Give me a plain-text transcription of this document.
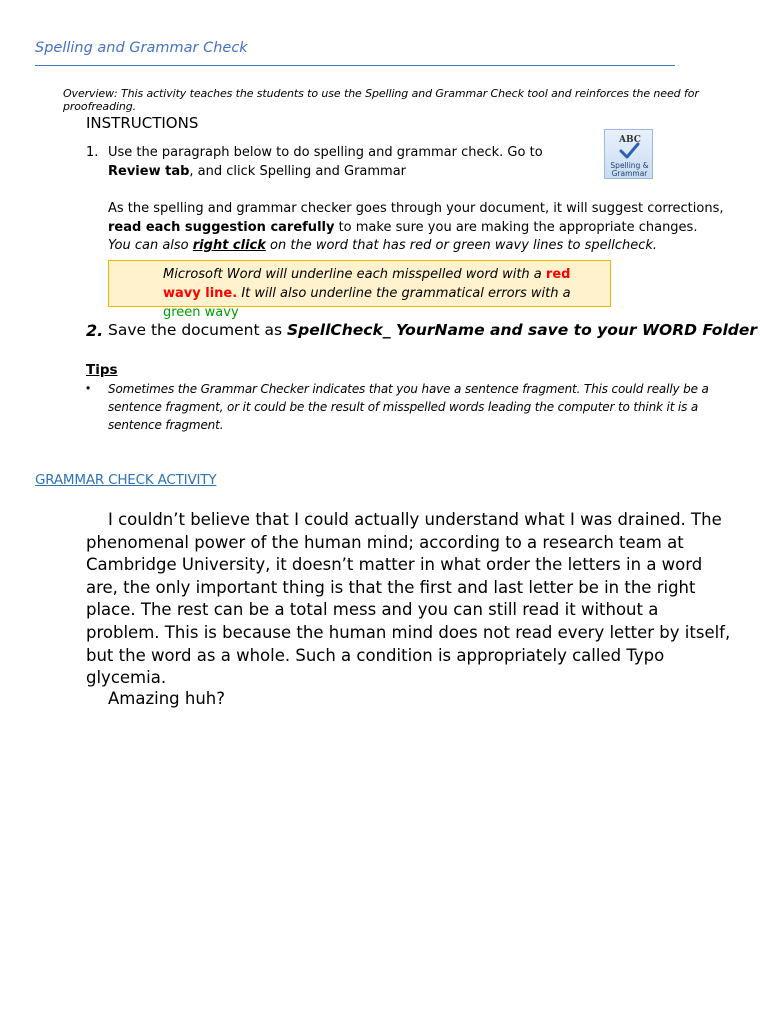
Spelling and Grammar Check
Overview: This activity teaches the students to use the Spelling and Grammar Check tool and reinforces the need for proofreading.
INSTRUCTIONS
1. Use the paragraph below to do spelling and grammar check. Go to Review tab, and click Spelling and Grammar
ABC
Spelling &
Grammar
As the spelling and grammar checker goes through your document, it will suggest corrections, read each suggestion carefully to make sure you are making the appropriate changes.
You can also right click on the word that has red or green wavy lines to spellcheck.
Microsoft Word will underline each misspelled word with a red wavy line. It will also underline the grammatical errors with a green wavy
2. Save the document as SpellCheck_ YourName and save to your WORD Folder
Tips
• Sometimes the Grammar Checker indicates that you have a sentence fragment. This could really be a sentence fragment, or it could be the result of misspelled words leading the computer to think it is a sentence fragment.
GRAMMAR CHECK ACTIVITY
I couldn’t believe that I could actually understand what I was drained. The phenomenal power of the human mind; according to a research team at Cambridge University, it doesn’t matter in what order the letters in a word are, the only important thing is that the first and last letter be in the right place. The rest can be a total mess and you can still read it without a problem. This is because the human mind does not read every letter by itself, but the word as a whole. Such a condition is appropriately called Typo glycemia.
Amazing huh?
